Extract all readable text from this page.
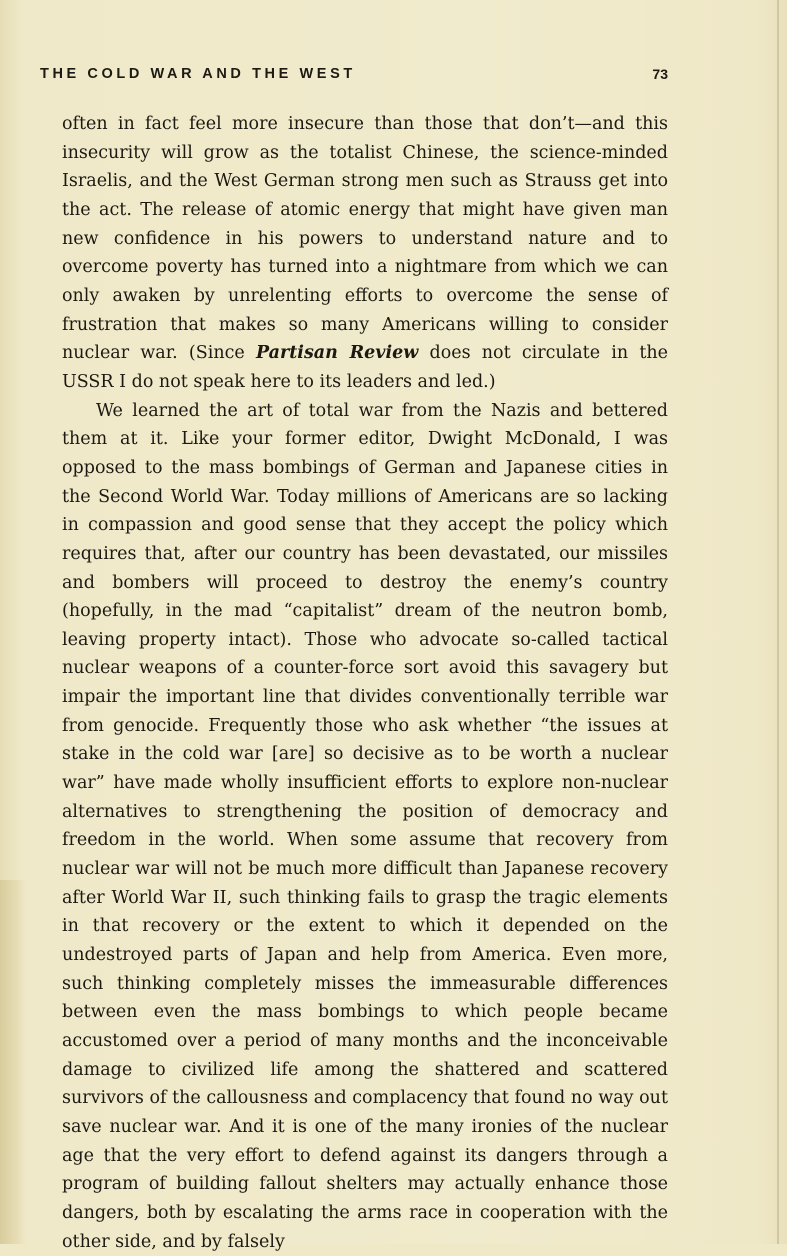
THE COLD WAR AND THE WEST	73

often in fact feel more insecure than those that don’t—and this insecurity will grow as the totalist Chinese, the science-minded Israelis, and the West German strong men such as Strauss get into the act. The release of atomic energy that might have given man new confidence in his powers to understand nature and to overcome poverty has turned into a nightmare from which we can only awaken by unrelenting efforts to overcome the sense of frustration that makes so many Americans willing to consider nuclear war. (Since Partisan Review does not circulate in the USSR I do not speak here to its leaders and led.)

We learned the art of total war from the Nazis and bettered them at it. Like your former editor, Dwight McDonald, I was opposed to the mass bombings of German and Japanese cities in the Second World War. Today millions of Americans are so lacking in compassion and good sense that they accept the policy which requires that, after our country has been devastated, our missiles and bombers will proceed to destroy the enemy’s country (hopefully, in the mad “capitalist” dream of the neutron bomb, leaving property intact). Those who advocate so-called tactical nuclear weapons of a counter-force sort avoid this savagery but impair the important line that divides conventionally terrible war from genocide. Frequently those who ask whether “the issues at stake in the cold war [are] so decisive as to be worth a nuclear war” have made wholly insufficient efforts to explore non-nuclear alternatives to strengthening the position of democracy and freedom in the world. When some assume that recovery from nuclear war will not be much more difficult than Japanese recovery after World War II, such thinking fails to grasp the tragic elements in that recovery or the extent to which it depended on the undestroyed parts of Japan and help from America. Even more, such thinking completely misses the immeasurable differences between even the mass bombings to which people became accustomed over a period of many months and the inconceivable damage to civilized life among the shattered and scattered survivors of the callousness and complacency that found no way out save nuclear war. And it is one of the many ironies of the nuclear age that the very effort to defend against its dangers through a program of building fallout shelters may actually enhance those dangers, both by escalating the arms race in cooperation with the other side, and by falsely
